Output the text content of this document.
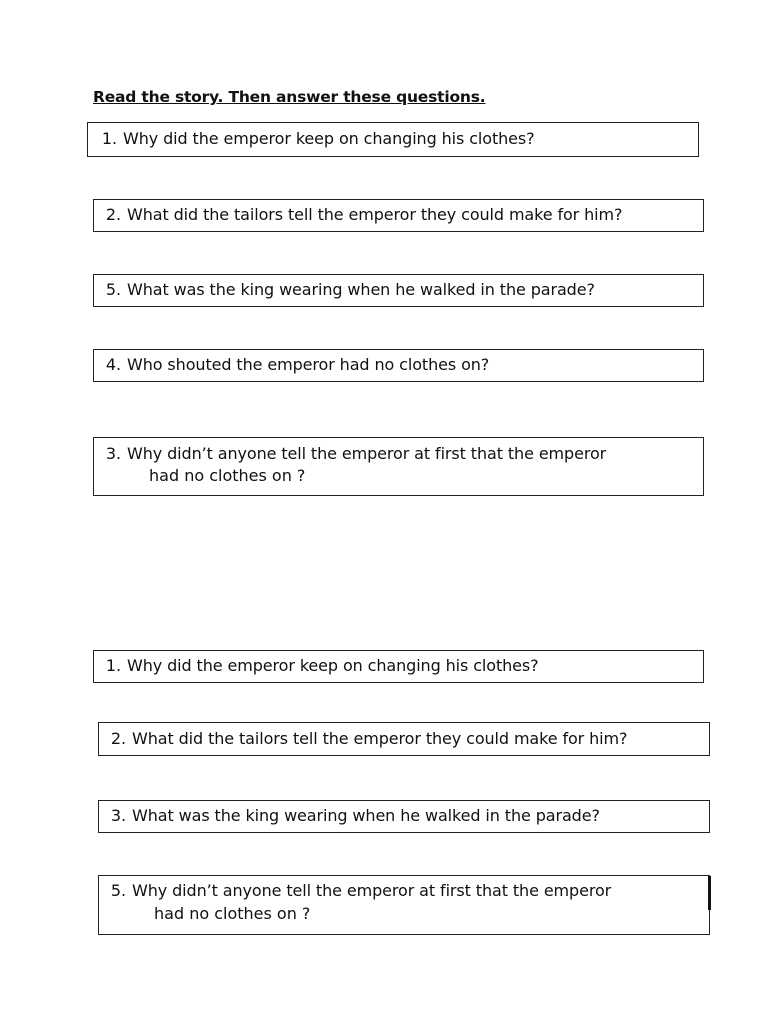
Read the story. Then answer these questions.
1. Why did the emperor keep on changing his clothes?
2. What did the tailors tell the emperor they could make for him?
5. What was the king wearing when he walked in the parade?
4. Who shouted the emperor had no clothes on?
3. Why didn’t anyone tell the emperor at first that the emperor
had no clothes on ?
1. Why did the emperor keep on changing his clothes?
2. What did the tailors tell the emperor they could make for him?
3. What was the king wearing when he walked in the parade?
5. Why didn’t anyone tell the emperor at first that the emperor
had no clothes on ?
